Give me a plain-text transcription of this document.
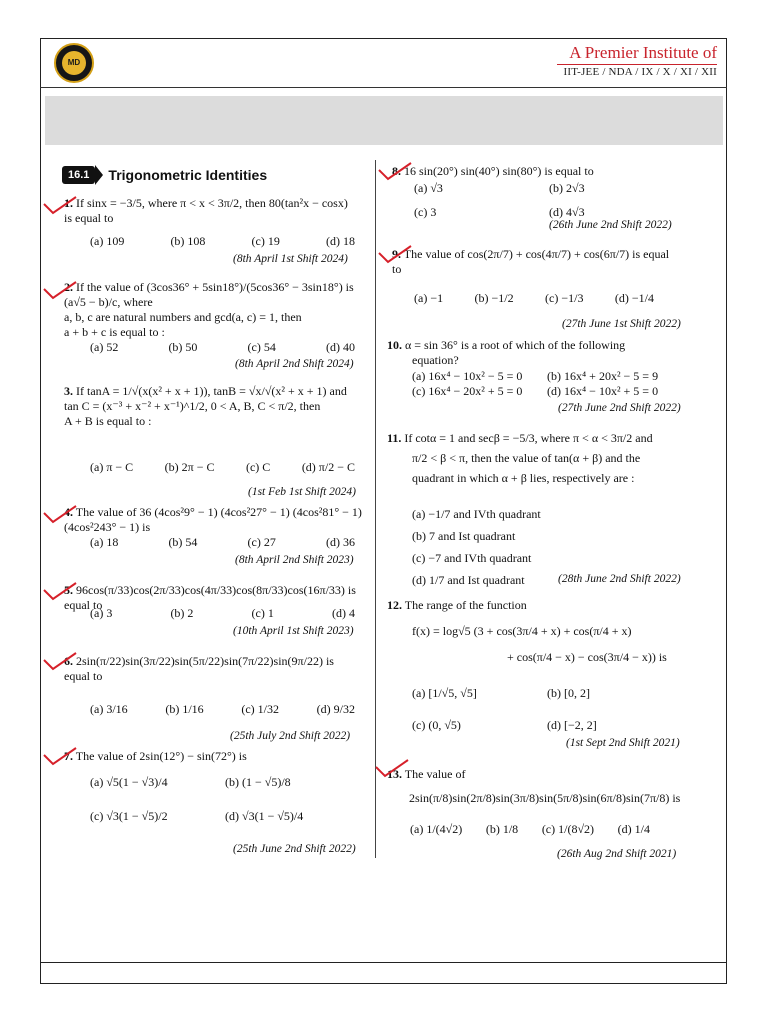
MD
A Premier Institute of
IIT-JEE / NDA / IX / X / XI / XII
16.1	Trigonometric Identities
1. If sinx = −3/5, where π < x < 3π/2, then 80(tan²x − cosx)
is equal to
(a) 109	(b) 108	(c) 19	(d) 18
(8th April 1st Shift 2024)
2. If the value of (3cos36° + 5sin18°)/(5cos36° − 3sin18°) is (a√5 − b)/c, where
a, b, c are natural numbers and gcd(a, c) = 1, then
a + b + c is equal to :
(a) 52	(b) 50	(c) 54	(d) 40
(8th April 2nd Shift 2024)
3. If tanA = 1/√(x(x² + x + 1)), tanB = √x/√(x² + x + 1) and
tan C = (x⁻³ + x⁻² + x⁻¹)^1/2, 0 < A, B, C < π/2, then
A + B is equal to :
(a) π − C	(b) 2π − C	(c) C	(d) π/2 − C
(1st Feb 1st Shift 2024)
4. The value of 36 (4cos²9° − 1) (4cos²27° − 1) (4cos²81° − 1)
(4cos²243° − 1) is
(a) 18	(b) 54	(c) 27	(d) 36
(8th April 2nd Shift 2023)
5. 96cos(π/33)cos(2π/33)cos(4π/33)cos(8π/33)cos(16π/33) is equal to
(a) 3	(b) 2	(c) 1	(d) 4
(10th April 1st Shift 2023)
6. 2sin(π/22)sin(3π/22)sin(5π/22)sin(7π/22)sin(9π/22) is
equal to
(a) 3/16	(b) 1/16	(c) 1/32	(d) 9/32
(25th July 2nd Shift 2022)
7. The value of 2sin(12°) − sin(72°) is
(a) √5(1 − √3)/4	(b) (1 − √5)/8
(c) √3(1 − √5)/2	(d) √3(1 − √5)/4
(25th June 2nd Shift 2022)
8. 16 sin(20°) sin(40°) sin(80°) is equal to
(a) √3	(b) 2√3
(c) 3	(d) 4√3
(26th June 2nd Shift 2022)
9. The value of cos(2π/7) + cos(4π/7) + cos(6π/7) is equal
to
(a) −1	(b) −1/2	(c) −1/3	(d) −1/4
(27th June 1st Shift 2022)
10. α = sin 36° is a root of which of the following
equation?
(a) 16x⁴ − 10x² − 5 = 0	(b) 16x⁴ + 20x² − 5 = 9
(c) 16x⁴ − 20x² + 5 = 0	(d) 16x⁴ − 10x² + 5 = 0
(27th June 2nd Shift 2022)
11. If cotα = 1 and secβ = −5/3, where π < α < 3π/2 and
π/2 < β < π, then the value of tan(α + β) and the
quadrant in which α + β lies, respectively are :
(a) −1/7 and IVth quadrant
(b) 7 and Ist quadrant
(c) −7 and IVth quadrant
(d) 1/7 and Ist quadrant	(28th June 2nd Shift 2022)
12. The range of the function
f(x) = log√5 (3 + cos(3π/4 + x) + cos(π/4 + x)
+ cos(π/4 − x) − cos(3π/4 − x)) is
(a) [1/√5, √5]	(b) [0, 2]
(c) (0, √5)	(d) [−2, 2]
(1st Sept 2nd Shift 2021)
13. The value of
2sin(π/8)sin(2π/8)sin(3π/8)sin(5π/8)sin(6π/8)sin(7π/8) is
(a) 1/(4√2) (b) 1/8 (c) 1/(8√2) (d) 1/4
(26th Aug 2nd Shift 2021)
